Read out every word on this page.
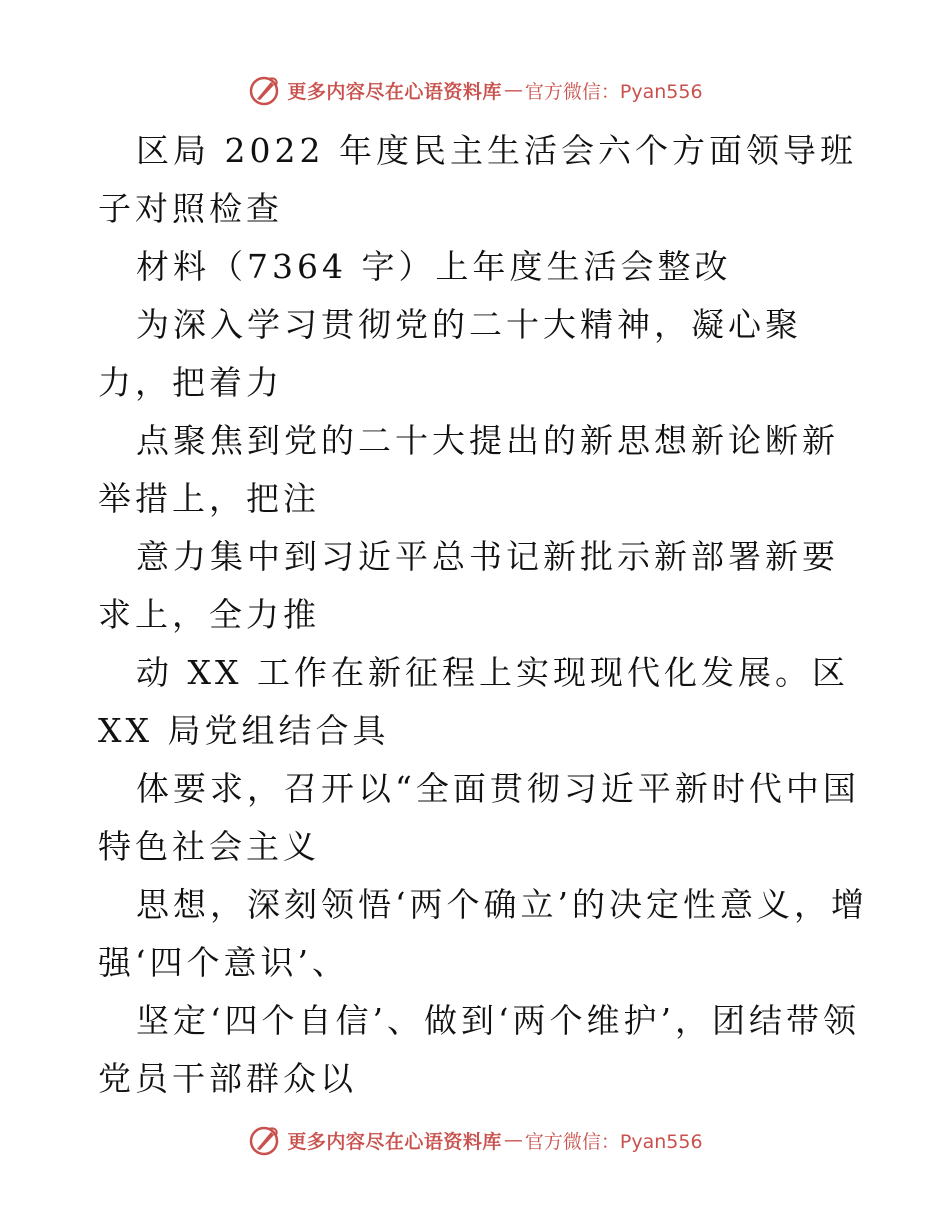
更多内容尽在心语资料库 — 官方微信：Pyan556

区局 2022 年度民主生活会六个方面领导班子对照检查

材料（7364 字）上年度生活会整改

为深入学习贯彻党的二十大精神，凝心聚力，把着力

点聚焦到党的二十大提出的新思想新论断新举措上，把注

意力集中到习近平总书记新批示新部署新要求上，全力推

动 XX 工作在新征程上实现现代化发展。区 XX 局党组结合具

体要求，召开以“全面贯彻习近平新时代中国特色社会主义

思想，深刻领悟‘两个确立’的决定性意义，增强‘四个意识’、

坚定‘四个自信’、做到‘两个维护’，团结带领党员干部群众以

更多内容尽在心语资料库 — 官方微信：Pyan556
